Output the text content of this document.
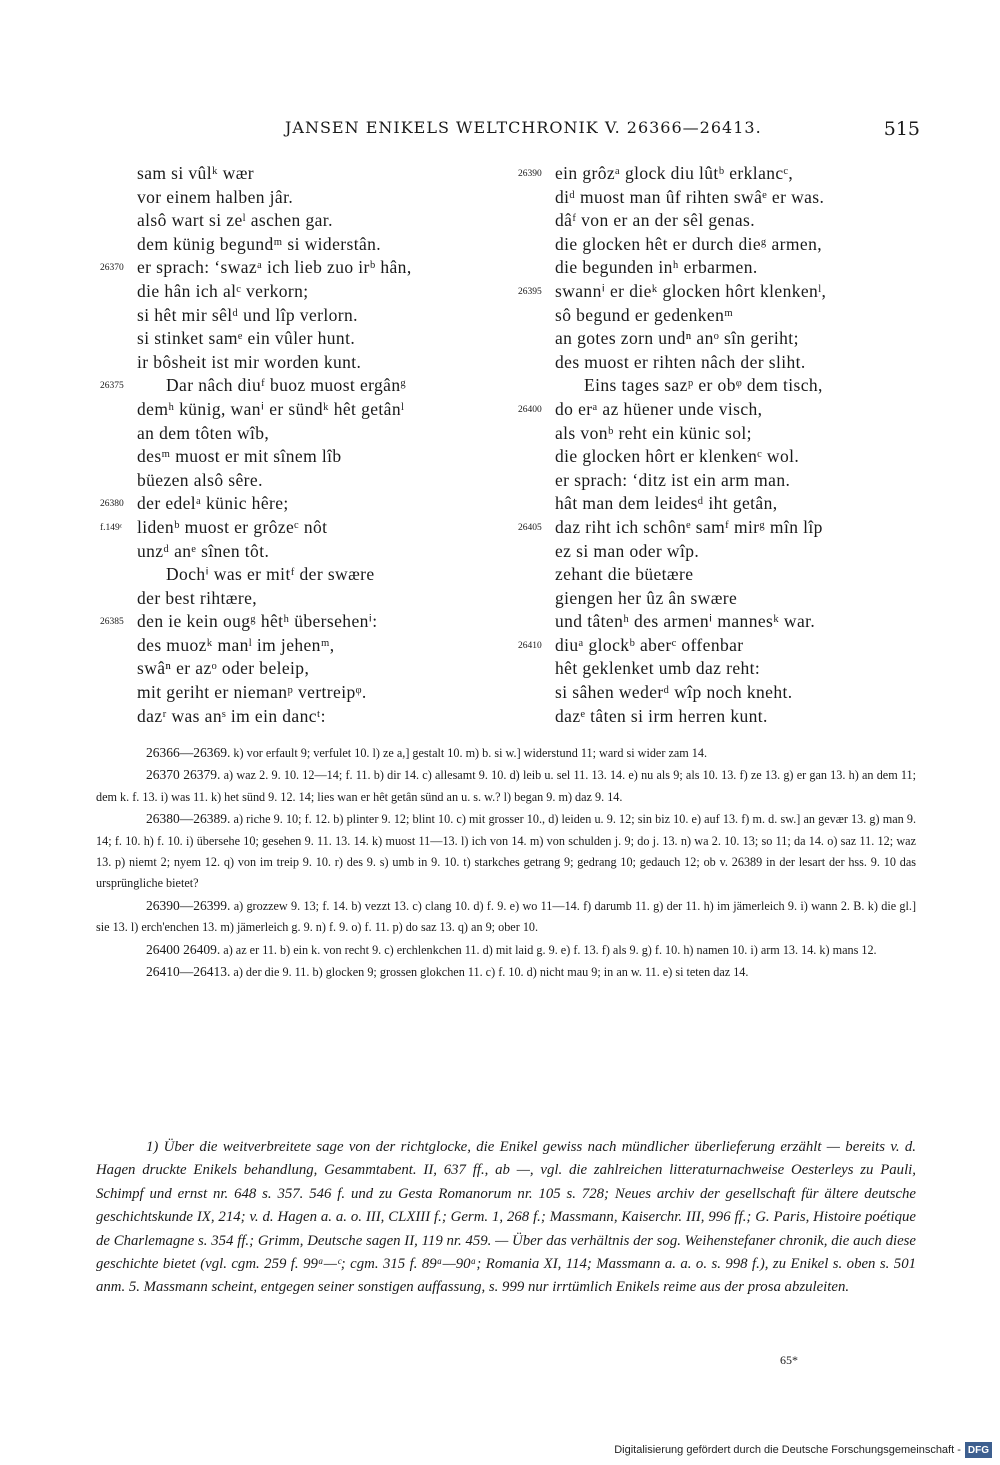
JANSEN ENIKELS WELTCHRONIK V. 26366—26413.	515
sam si vûlᵏ wær
vor einem halben jâr.
alsô wart si zeˡ aschen gar.
dem künig begundᵐ si widerstân.
26370 er sprach: ‘swazᵃ ich lieb zuo irᵇ hân,
die hân ich alᶜ verkorn;
si hêt mir sêlᵈ und lîp verlorn.
si stinket samᵉ ein vûler hunt.
ir bôsheit ist mir worden kunt.
26375 Dar nâch diuᶠ buoz muost ergânᵍ
demʰ künig, wanⁱ er sündᵏ hêt getânˡ
an dem tôten wîb,
desᵐ muost er mit sînem lîb
büezen alsô sêre.
26380 der edelᵃ künic hêre;
f.149ᶜ lidenᵇ muost er grôzeᶜ nôt
unzᵈ anᵉ sînen tôt.
Dochⁱ was er mitᶠ der swære
der best rihtære,
26385 den ie kein ougᵍ hêtʰ übersehenⁱ:
des muozᵏ manˡ im jehenᵐ,
swâⁿ er azᵒ oder beleip,
mit geriht er niemanᵖ vertreipᵠ.
dazʳ was anˢ im ein dancᵗ:
26390 ein grôzᵃ glock diu lûtᵇ erklancᶜ,
diᵈ muost man ûf rihten swâᵉ er was.
dâᶠ von er an der sêl genas.
die glocken hêt er durch dieᵍ armen,
die begunden inʰ erbarmen.
26395 swannⁱ er dieᵏ glocken hôrt klenkenˡ,
sô begund er gedenkenᵐ
an gotes zorn undⁿ anᵒ sîn geriht;
des muost er rihten nâch der sliht.
Eins tages sazᵖ er obᵠ dem tisch,
26400 do erᵃ az hüener unde visch,
als vonᵇ reht ein künic sol;
die glocken hôrt er klenkenᶜ wol.
er sprach: ‘ditz ist ein arm man.
hât man dem leidesᵈ iht getân,
26405 daz riht ich schônᵉ samᶠ mirᵍ mîn lîp
ez si man oder wîp.
zehant die büetære
giengen her ûz ân swære
und tâtenʰ des armenⁱ mannesᵏ war.
26410 diuᵃ glockᵇ aberᶜ offenbar
hêt geklenket umb daz reht:
si sâhen wederᵈ wîp noch kneht.
dazᵉ tâten si irm herren kunt.

26366—26369. k) vor erfault 9; verfulet 10. l) ze a,] gestalt 10. m) b. si w.] widerstund 11; ward si wider zam 14.

26370 26379. a) waz 2. 9. 10. 12—14; f. 11. b) dir 14. c) allesamt 9. 10. d) leib u. sel 11. 13. 14. e) nu als 9; als 10. 13. f) ze 13. g) er gan 13. h) an dem 11; dem k. f. 13. i) was 11. k) het sünd 9. 12. 14; lies wan er hêt getân sünd an u. s. w.? l) began 9. m) daz 9. 14.

26380—26389. a) riche 9. 10; f. 12. b) plinter 9. 12; blint 10. c) mit grosser 10., d) leiden u. 9. 12; sin biz 10. e) auf 13. f) m. d. sw.] an gevær 13. g) man 9. 14; f. 10. h) f. 10. i) übersehe 10; gesehen 9. 11. 13. 14. k) muost 11—13. l) ich von 14. m) von schulden j. 9; do j. 13. n) wa 2. 10. 13; so 11; da 14. o) saz 11. 12; waz 13. p) niemt 2; nyem 12. q) von im treip 9. 10. r) des 9. s) umb in 9. 10. t) starkches getrang 9; gedrang 10; gedauch 12; ob v. 26389 in der lesart der hss. 9. 10 das ursprüngliche bietet?

26390—26399. a) grozzew 9. 13; f. 14. b) vezzt 13. c) clang 10. d) f. 9. e) wo 11—14. f) darumb 11. g) der 11. h) im jämerleich 9. i) wann 2. B. k) die gl.] sie 13. l) erch'enchen 13. m) jämerleich g. 9. n) f. 9. o) f. 11. p) do saz 13. q) an 9; ober 10.

26400 26409. a) az er 11. b) ein k. von recht 9. c) erchlenkchen 11. d) mit laid g. 9. e) f. 13. f) als 9. g) f. 10. h) namen 10. i) arm 13. 14. k) mans 12.

26410—26413. a) der die 9. 11. b) glocken 9; grossen glokchen 11. c) f. 10. d) nicht mau 9; in an w. 11. e) si teten daz 14.

1) Über die weitverbreitete sage von der richtglocke, die Enikel gewiss nach mündlicher überlieferung erzählt — bereits v. d. Hagen druckte Enikels behandlung, Gesammtabent. II, 637 ff., ab —, vgl. die zahlreichen litteraturnachweise Oesterleys zu Pauli, Schimpf und ernst nr. 648 s. 357. 546 f. und zu Gesta Romanorum nr. 105 s. 728; Neues archiv der gesellschaft für ältere deutsche geschichtskunde IX, 214; v. d. Hagen a. a. o. III, CLXIII f.; Germ. 1, 268 f.; Massmann, Kaiserchr. III, 996 ff.; G. Paris, Histoire poétique de Charlemagne s. 354 ff.; Grimm, Deutsche sagen II, 119 nr. 459. — Über das verhältnis der sog. Weihenstefaner chronik, die auch diese geschichte bietet (vgl. cgm. 259 f. 99ᵃ—ᶜ; cgm. 315 f. 89ᵃ—90ᵃ; Romania XI, 114; Massmann a. a. o. s. 998 f.), zu Enikel s. oben s. 501 anm. 5. Massmann scheint, entgegen seiner sonstigen auffassung, s. 999 nur irrtümlich Enikels reime aus der prosa abzuleiten.
65*
Digitalisierung gefördert durch die Deutsche Forschungsgemeinschaft - DFG
